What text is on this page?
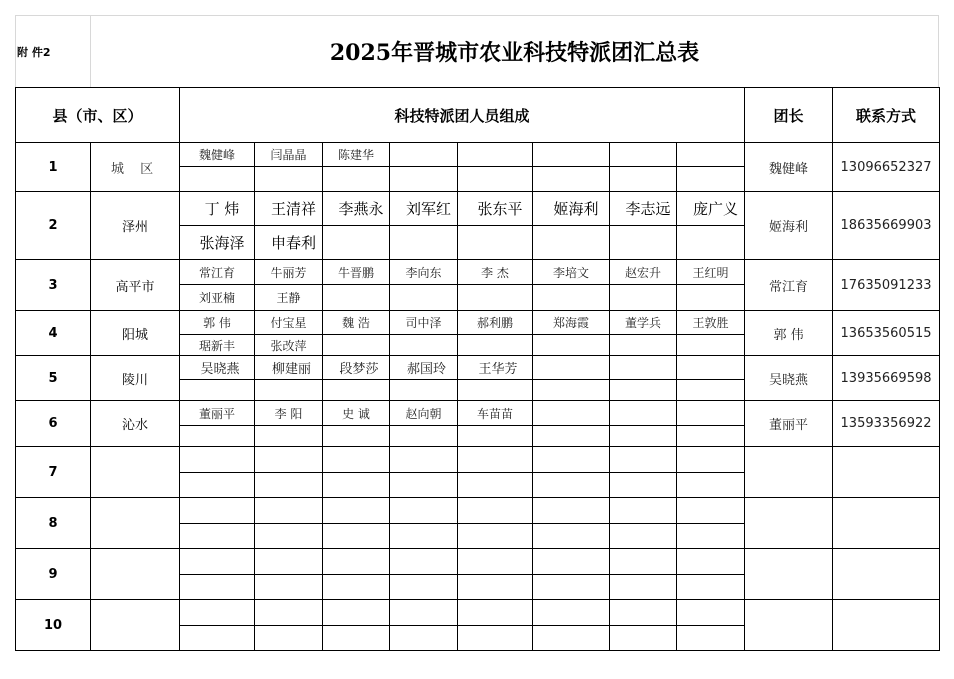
附 件2	2025年晋城市农业科技特派团汇总表
县（市、区）		科技特派团人员组成								团长	联系方式
1	城 区	魏健峰	闫晶晶	陈建华						魏健峰	13096652327

2	泽州	丁 炜	王清祥	李燕永	刘军红	张东平	姬海利	李志远	庞广义	姬海利	18635669903
		张海泽	申春利								
3	高平市	常江育	牛丽芳	牛晋鹏	李向东	李 杰	李培文	赵宏升	王红明	常江育	17635091233
		刘亚楠	王静								
4	阳城	郭 伟	付宝星	魏 浩	司中泽	郝利鹏	郑海霞	董学兵	王敦胜	郭 伟	13653560515
		琚新丰	张改萍								
5	陵川	吴晓燕	柳建丽	段梦莎	郝国玲	王华芳				吴晓燕	13935669598

6	沁水	董丽平	李 阳	史 诚	赵向朝	车苗苗				董丽平	13593356922

7											

8											

9											

10											
